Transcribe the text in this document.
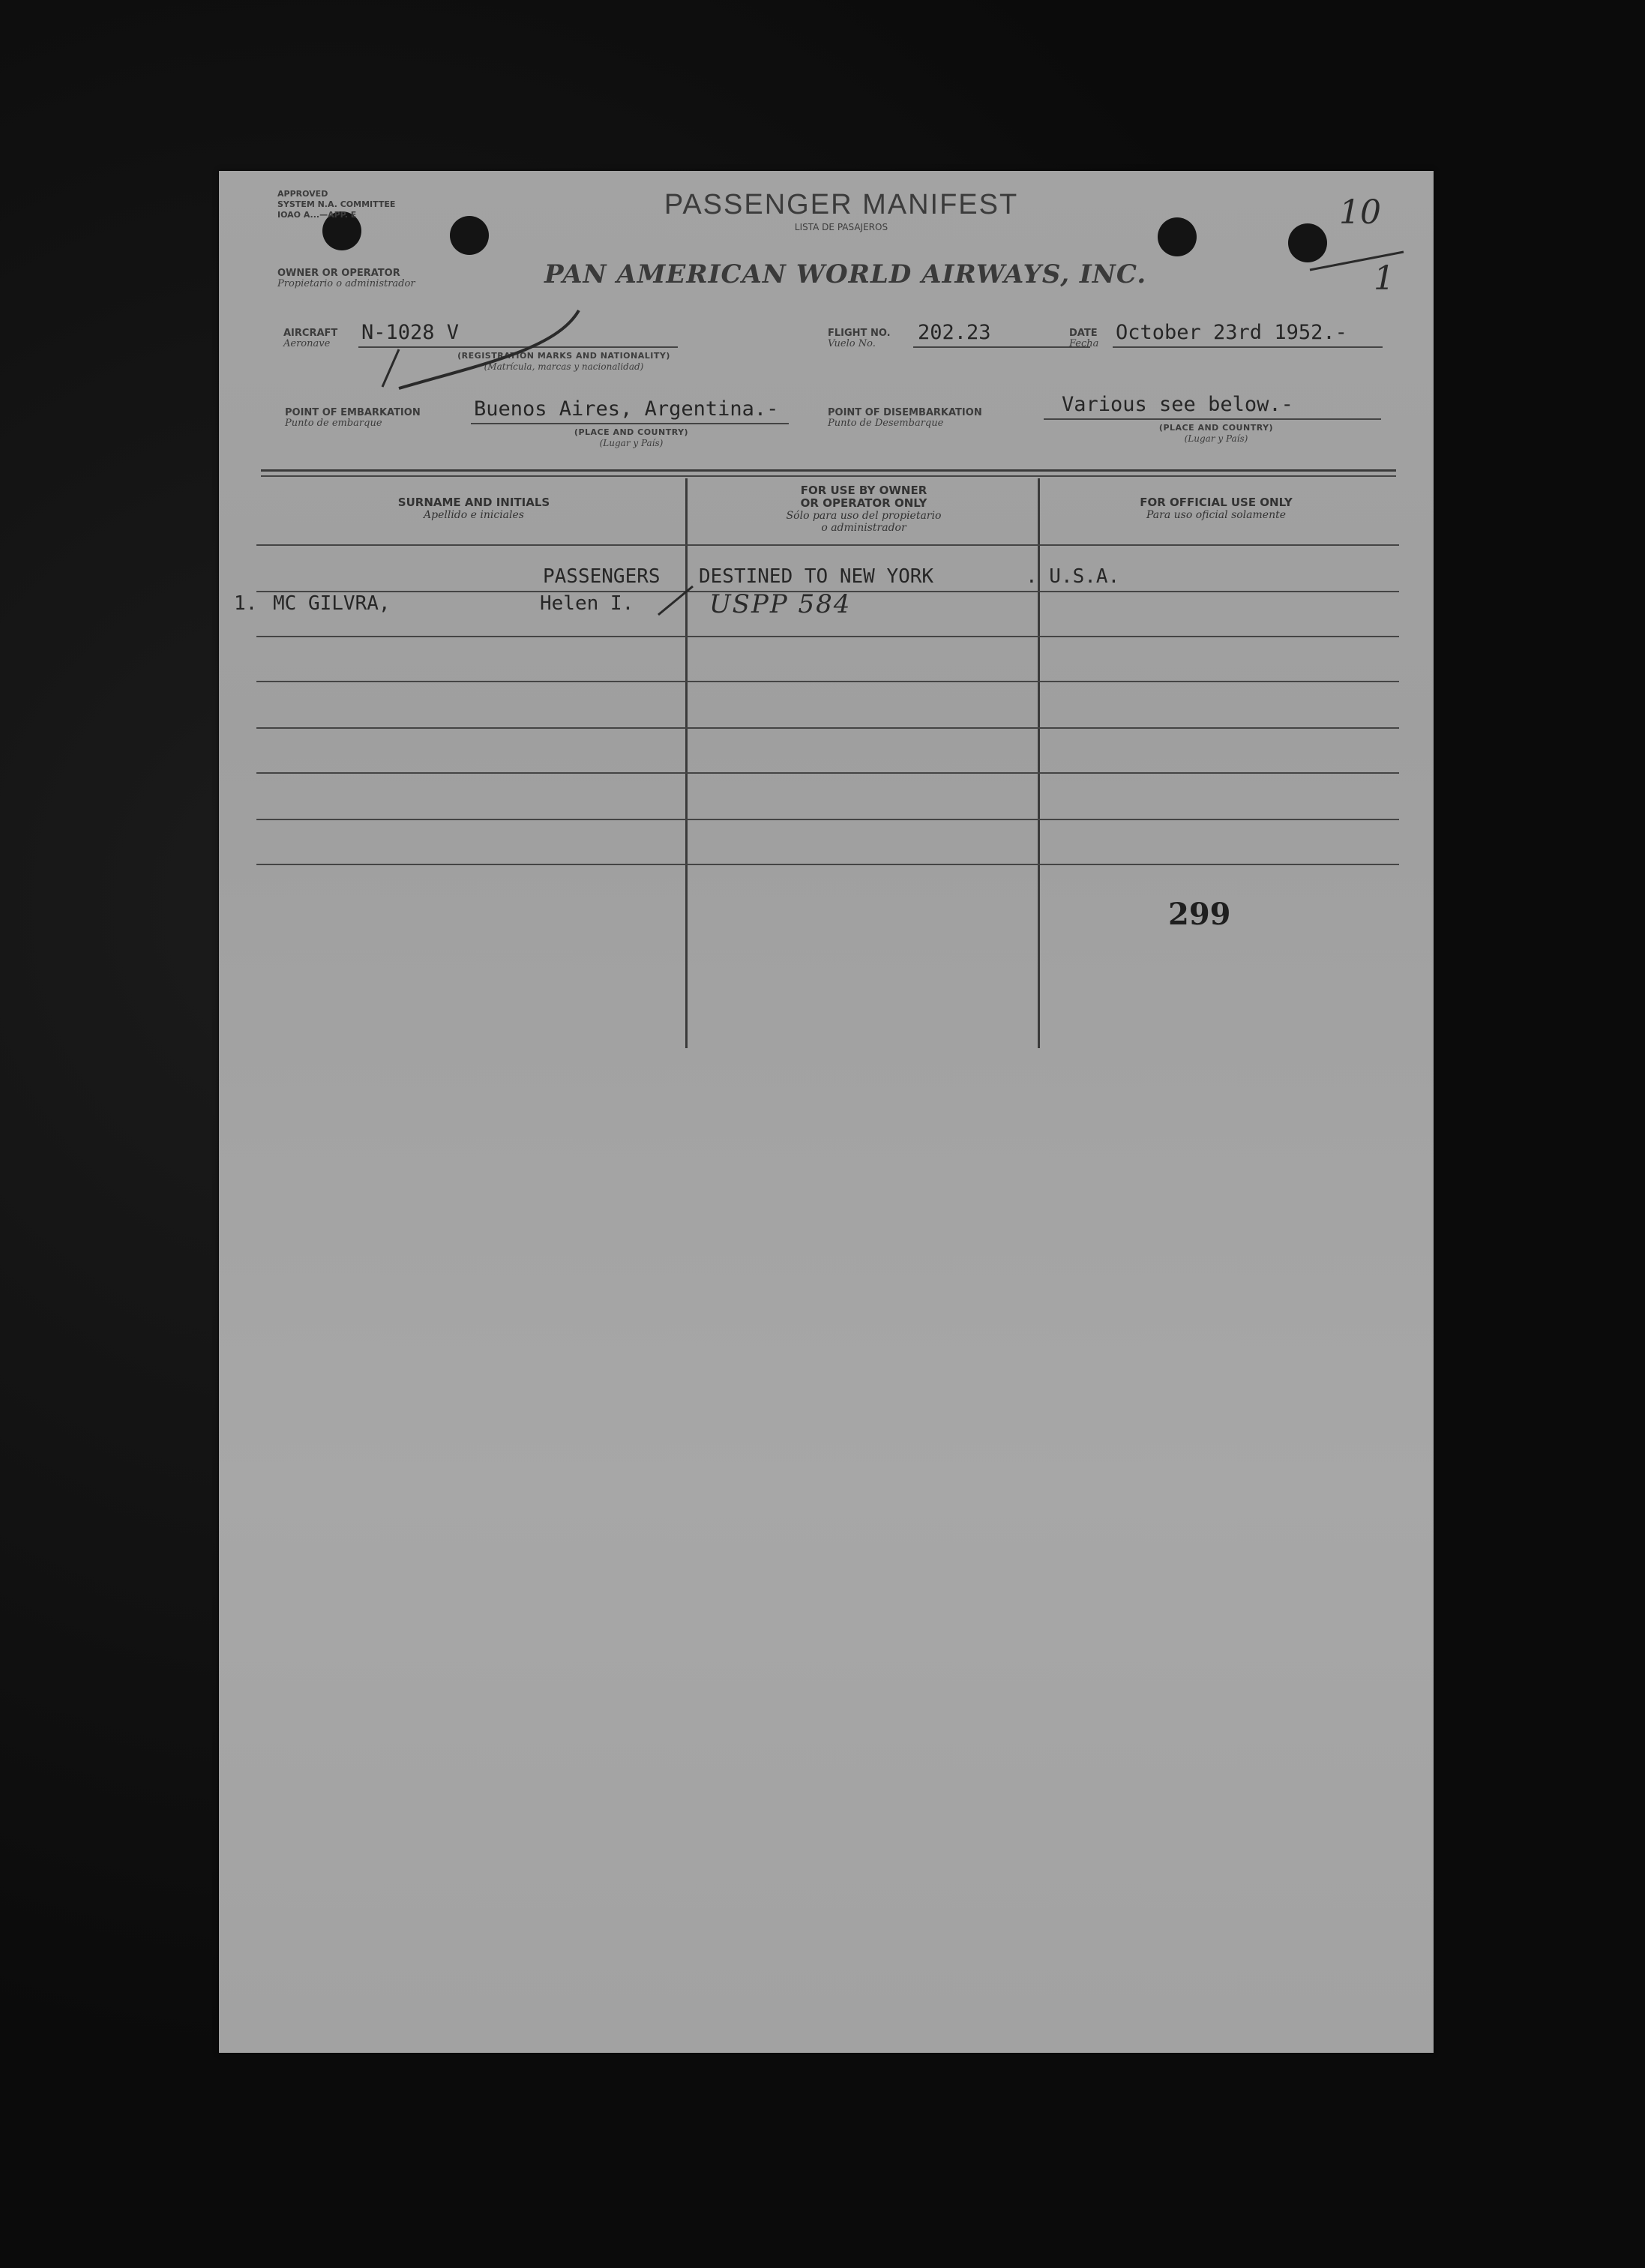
APPROVED
SYSTEM N.A. COMMITTEE
IOAO A...—APP. E	PASSENGER MANIFEST
LISTA DE PASAJEROS	10
1
OWNER OR OPERATOR
Propietario o administrador	PAN AMERICAN WORLD AIRWAYS, INC.
AIRCRAFT
Aeronave	N-1028 V
(REGISTRATION MARKS AND NATIONALITY)
(Matrícula, marcas y nacionalidad)
FLIGHT NO.
Vuelo No.	202.23	DATE
Fecha October 23rd 1952.-
POINT OF EMBARKATION
Punto de embarque
Buenos Aires, Argentina.-
(PLACE AND COUNTRY)
(Lugar y País)
POINT OF DISEMBARKATION
Punto de Desembarque
Various see below.-
(PLACE AND COUNTRY)
(Lugar y País)
SURNAME AND INITIALS
Apellido e iniciales
FOR USE BY OWNER
OR OPERATOR ONLY
Sólo para uso del propietario
o administrador
FOR OFFICIAL USE ONLY
Para uso oficial solamente
PASSENGERS DESTINED TO NEW YORK	. U.S.A.
1. MC GILVRA,	Helen I.	USPP 584
299
